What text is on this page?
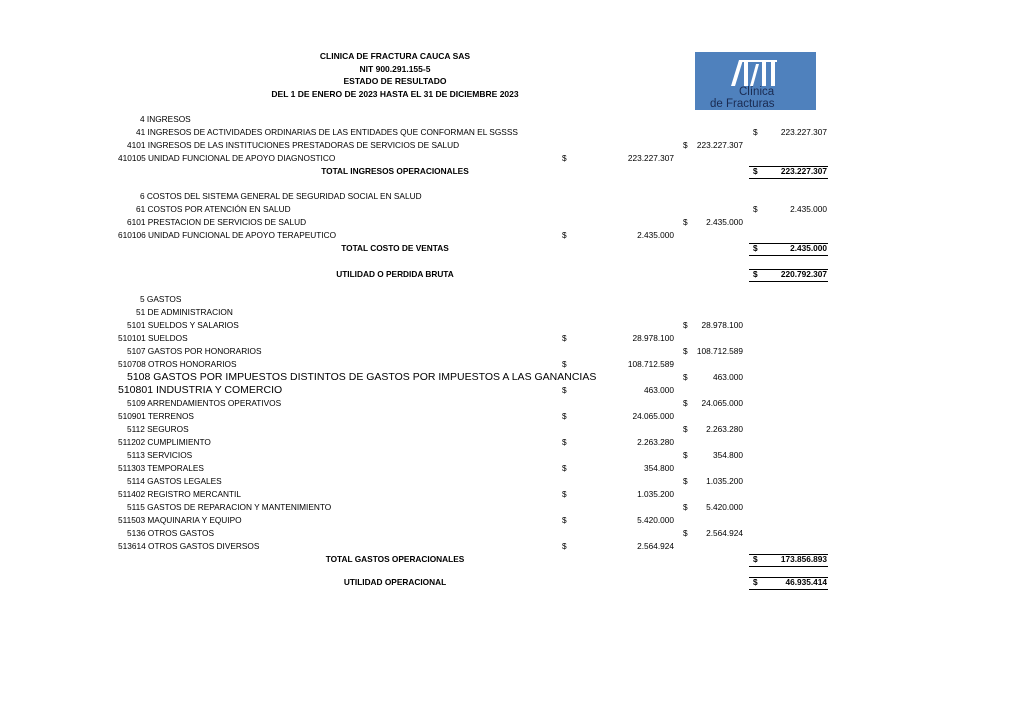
CLINICA DE FRACTURA CAUCA SAS
NIT 900.291.155-5
ESTADO DE RESULTADO
DEL 1 DE ENERO DE 2023 HASTA EL 31 DE DICIEMBRE 2023	Clínica
de Fracturas
4 INGRESOS
41 INGRESOS DE ACTIVIDADES ORDINARIAS DE LAS ENTIDADES QUE CONFORMAN EL SGSSS	$	223.227.307
4101 INGRESOS DE LAS INSTITUCIONES PRESTADORAS DE SERVICIOS DE SALUD	$ 223.227.307
410105 UNIDAD FUNCIONAL DE APOYO DIAGNOSTICO	$	223.227.307
TOTAL INGRESOS OPERACIONALES	$	223.227.307
6 COSTOS DEL SISTEMA GENERAL DE SEGURIDAD SOCIAL EN SALUD
61 COSTOS POR ATENCIÓN EN SALUD	$	2.435.000
6101 PRESTACION DE SERVICIOS DE SALUD	$ 2.435.000
610106 UNIDAD FUNCIONAL DE APOYO TERAPEUTICO	$	2.435.000
TOTAL COSTO DE VENTAS	$	2.435.000
UTILIDAD O PERDIDA BRUTA	$	220.792.307
5 GASTOS
51 DE ADMINISTRACION
5101 SUELDOS Y SALARIOS	$ 28.978.100
510101 SUELDOS	$	28.978.100
5107 GASTOS POR HONORARIOS	$ 108.712.589
510708 OTROS HONORARIOS	$	108.712.589
5108 GASTOS POR IMPUESTOS DISTINTOS DE GASTOS POR IMPUESTOS A LAS GANANCIAS	$	463.000
510801 INDUSTRIA Y COMERCIO	$	463.000
5109 ARRENDAMIENTOS OPERATIVOS	$ 24.065.000
510901 TERRENOS	$	24.065.000
5112 SEGUROS	$ 2.263.280
511202 CUMPLIMIENTO	$	2.263.280
5113 SERVICIOS	$	354.800
511303 TEMPORALES	$	354.800
5114 GASTOS LEGALES	$ 1.035.200
511402 REGISTRO MERCANTIL	$	1.035.200
5115 GASTOS DE REPARACION Y MANTENIMIENTO	$ 5.420.000
511503 MAQUINARIA Y EQUIPO	$	5.420.000
5136 OTROS GASTOS	$ 2.564.924
513614 OTROS GASTOS DIVERSOS	$	2.564.924
TOTAL GASTOS OPERACIONALES	$	173.856.893
UTILIDAD OPERACIONAL	$	46.935.414
